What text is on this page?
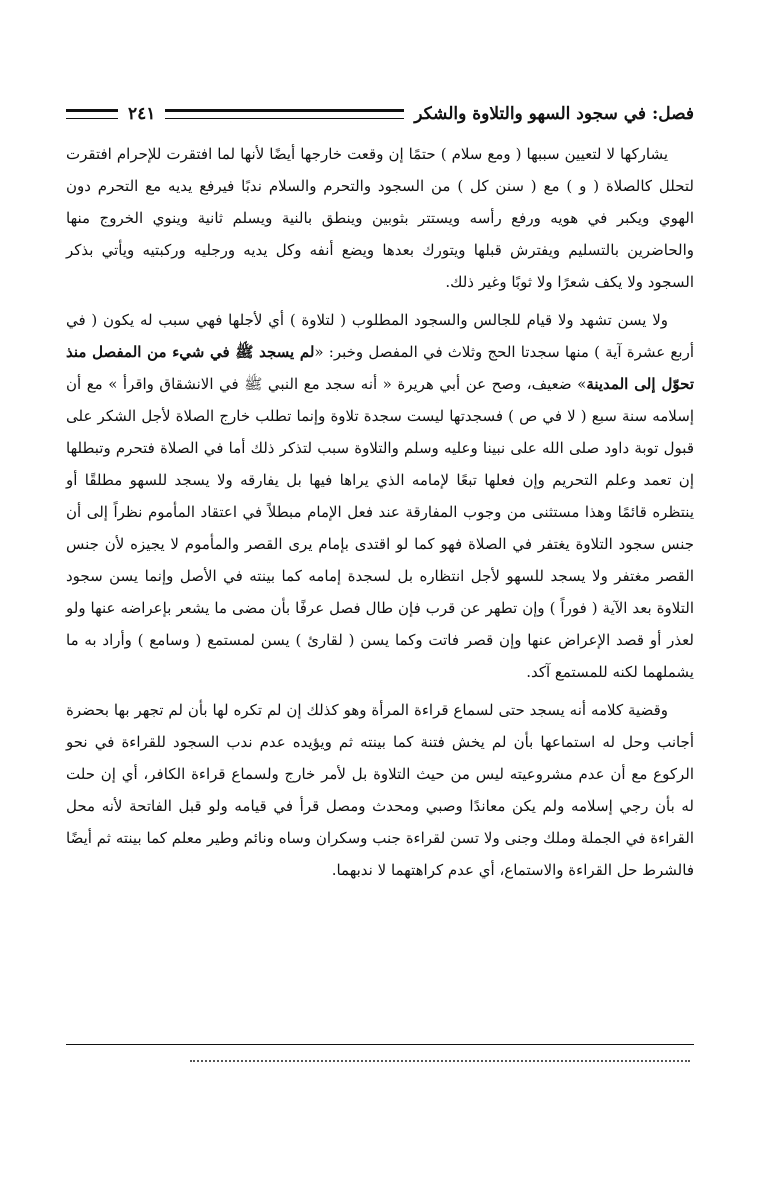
فصل: في سجود السهو والتلاوة والشكر
٢٤١

يشاركها لا لتعيين سببها ( ومع سلام ) حتمًا إن وقعت خارجها أيضًا لأنها لما افتقرت للإحرام افتقرت لتحلل كالصلاة ( و ) مع ( سنن كل ) من السجود والتحرم والسلام ندبًا فيرفع يديه مع التحرم دون الهوي ويكبر في هويه ورفع رأسه ويستتر بثوبين وينطق بالنية ويسلم ثانية وينوي الخروج منها والحاضرين بالتسليم ويفترش قبلها ويتورك بعدها ويضع أنفه وكل يديه ورجليه وركبتيه ويأتي بذكر السجود ولا يكف شعرًا ولا ثوبًا وغير ذلك.

ولا يسن تشهد ولا قيام للجالس والسجود المطلوب ( لتلاوة ) أي لأجلها فهي سبب له يكون ( في أربع عشرة آية ) منها سجدتا الحج وثلاث في المفصل وخبر: «لم يسجد ﷺ في شيء من المفصل منذ تحوّل إلى المدينة» ضعيف، وصح عن أبي هريرة « أنه سجد مع النبي ﷺ في الانشقاق واقرأ » مع أن إسلامه سنة سبع ( لا في ص ) فسجدتها ليست سجدة تلاوة وإنما تطلب خارج الصلاة لأجل الشكر على قبول توبة داود صلى الله على نبينا وعليه وسلم والتلاوة سبب لتذكر ذلك أما في الصلاة فتحرم وتبطلها إن تعمد وعلم التحريم وإن فعلها تبعًا لإمامه الذي يراها فيها بل يفارقه ولا يسجد للسهو مطلقًا أو ينتظره قائمًا وهذا مستثنى من وجوب المفارقة عند فعل الإمام مبطلاً في اعتقاد المأموم نظراً إلى أن جنس سجود التلاوة يغتفر في الصلاة فهو كما لو اقتدى بإمام يرى القصر والمأموم لا يجيزه لأن جنس القصر مغتفر ولا يسجد للسهو لأجل انتظاره بل لسجدة إمامه كما بينته في الأصل وإنما يسن سجود التلاوة بعد الآية ( فوراً ) وإن تطهر عن قرب فإن طال فصل عرفًا بأن مضى ما يشعر بإعراضه عنها ولو لعذر أو قصد الإعراض عنها وإن قصر فاتت وكما يسن ( لقارئ ) يسن لمستمع ( وسامع ) وأراد به ما يشملهما لكنه للمستمع آكد.

وقضية كلامه أنه يسجد حتى لسماع قراءة المرأة وهو كذلك إن لم تكره لها بأن لم تجهر بها بحضرة أجانب وحل له استماعها بأن لم يخش فتنة كما بينته ثم ويؤيده عدم ندب السجود للقراءة في نحو الركوع مع أن عدم مشروعيته ليس من حيث التلاوة بل لأمر خارج ولسماع قراءة الكافر، أي إن حلت له بأن رجي إسلامه ولم يكن معاندًا وصبي ومحدث ومصل قرأ في قيامه ولو قبل الفاتحة لأنه محل القراءة في الجملة وملك وجنى ولا تسن لقراءة جنب وسكران وساه ونائم وطير معلم كما بينته ثم أيضًا فالشرط حل القراءة والاستماع، أي عدم كراهتهما لا ندبهما.
